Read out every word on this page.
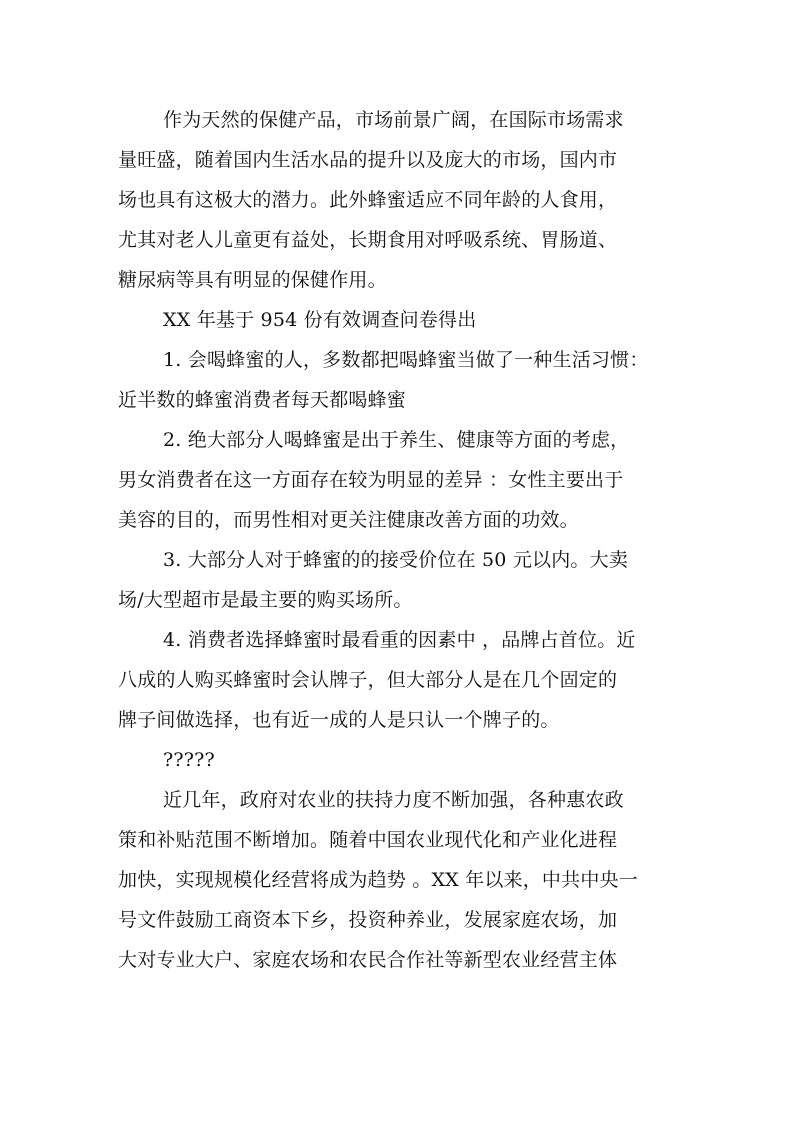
作为天然的保健产品，市场前景广阔，在国际市场需求
量旺盛，随着国内生活水品的提升以及庞大的市场，国内市
场也具有这极大的潜力。此外蜂蜜适应不同年龄的人食用，
尤其对老人儿童更有益处，长期食用对呼吸系统、胃肠道、
糖尿病等具有明显的保健作用。
XX 年基于 954 份有效调查问卷得出
1. 会喝蜂蜜的人，多数都把喝蜂蜜当做了一种生活习惯：
近半数的蜂蜜消费者每天都喝蜂蜜
2. 绝大部分人喝蜂蜜是出于养生、健康等方面的考虑，
男女消费者在这一方面存在较为明显的差异 ：女性主要出于
美容的目的，而男性相对更关注健康改善方面的功效。
3. 大部分人对于蜂蜜的的接受价位在 50 元以内。大卖
场/大型超市是最主要的购买场所。
4. 消费者选择蜂蜜时最看重的因素中 ，品牌占首位。近
八成的人购买蜂蜜时会认牌子，但大部分人是在几个固定的
牌子间做选择，也有近一成的人是只认一个牌子的。
?????
近几年，政府对农业的扶持力度不断加强，各种惠农政
策和补贴范围不断增加。随着中国农业现代化和产业化进程
加快，实现规模化经营将成为趋势 。XX 年以来，中共中央一
号文件鼓励工商资本下乡，投资种养业，发展家庭农场，加
大对专业大户、家庭农场和农民合作社等新型农业经营主体
